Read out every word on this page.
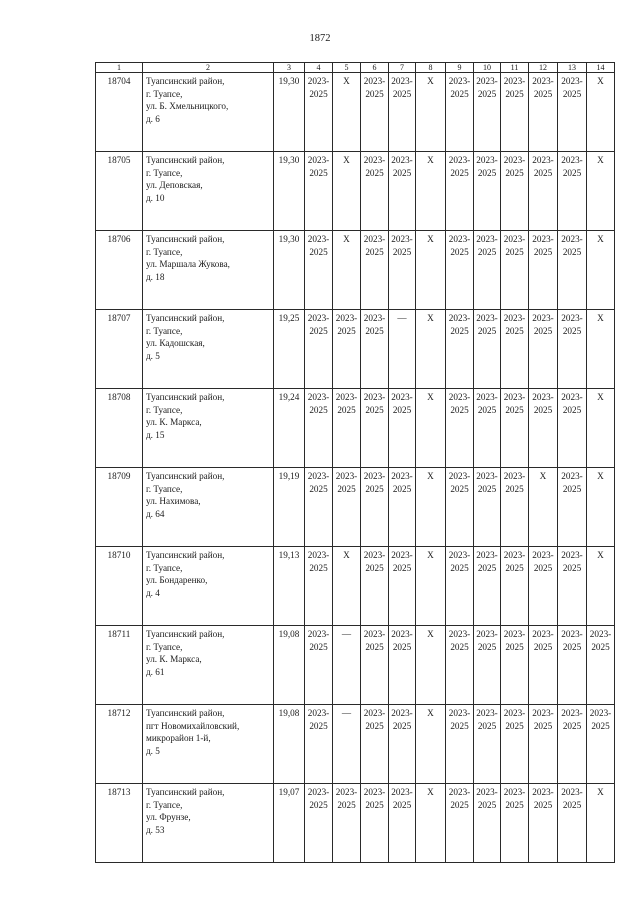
1872
1	2	3	4	5	6	7	8	9	10	11	12	13	14
18704	Туапсинский район,
г. Туапсе,
ул. Б. Хмельницкого,
д. 6	19,30	2023-2025	X	2023-2025	2023-2025	X	2023-2025	2023-2025	2023-2025	2023-2025	2023-2025	X
18705	Туапсинский район,
г. Туапсе,
ул. Деповская,
д. 10	19,30	2023-2025	X	2023-2025	2023-2025	X	2023-2025	2023-2025	2023-2025	2023-2025	2023-2025	X
18706	Туапсинский район,
г. Туапсе,
ул. Маршала Жукова,
д. 18	19,30	2023-2025	X	2023-2025	2023-2025	X	2023-2025	2023-2025	2023-2025	2023-2025	2023-2025	X
18707	Туапсинский район,
г. Туапсе,
ул. Кадошская,
д. 5	19,25	2023-2025	2023-2025	2023-2025	—	X	2023-2025	2023-2025	2023-2025	2023-2025	2023-2025	X
18708	Туапсинский район,
г. Туапсе,
ул. К. Маркса,
д. 15	19,24	2023-2025	2023-2025	2023-2025	2023-2025	X	2023-2025	2023-2025	2023-2025	2023-2025	2023-2025	X
18709	Туапсинский район,
г. Туапсе,
ул. Нахимова,
д. 64	19,19	2023-2025	2023-2025	2023-2025	2023-2025	X	2023-2025	2023-2025	2023-2025	X	2023-2025	X
18710	Туапсинский район,
г. Туапсе,
ул. Бондаренко,
д. 4	19,13	2023-2025	X	2023-2025	2023-2025	X	2023-2025	2023-2025	2023-2025	2023-2025	2023-2025	X
18711	Туапсинский район,
г. Туапсе,
ул. К. Маркса,
д. 61	19,08	2023-2025	—	2023-2025	2023-2025	X	2023-2025	2023-2025	2023-2025	2023-2025	2023-2025	2023-2025
18712	Туапсинский район,
пгт Новомихайловский,
микрорайон 1-й,
д. 5	19,08	2023-2025	—	2023-2025	2023-2025	X	2023-2025	2023-2025	2023-2025	2023-2025	2023-2025	2023-2025
18713	Туапсинский район,
г. Туапсе,
ул. Фрунзе,
д. 53	19,07	2023-2025	2023-2025	2023-2025	2023-2025	X	2023-2025	2023-2025	2023-2025	2023-2025	2023-2025	X
